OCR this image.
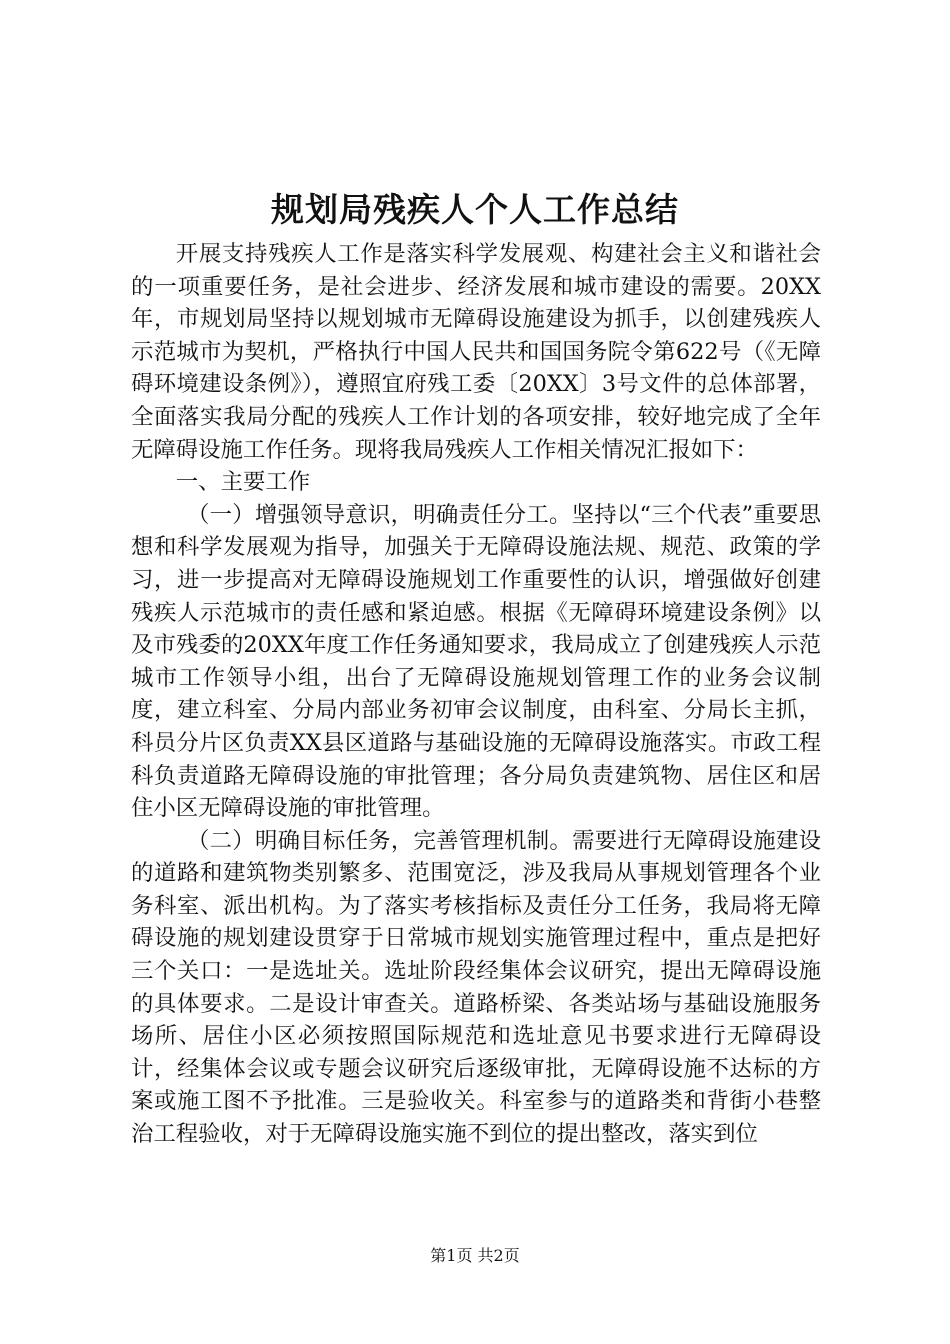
规划局残疾人个人工作总结

开展支持残疾人工作是落实科学发展观、构建社会主义和谐社会的一项重要任务，是社会进步、经济发展和城市建设的需要。20XX年，市规划局坚持以规划城市无障碍设施建设为抓手，以创建残疾人示范城市为契机，严格执行中国人民共和国国务院令第622号（《无障碍环境建设条例》），遵照宜府残工委〔20XX〕3号文件的总体部署，全面落实我局分配的残疾人工作计划的各项安排，较好地完成了全年无障碍设施工作任务。现将我局残疾人工作相关情况汇报如下：

一、主要工作

（一）增强领导意识，明确责任分工。坚持以“三个代表”重要思想和科学发展观为指导，加强关于无障碍设施法规、规范、政策的学习，进一步提高对无障碍设施规划工作重要性的认识，增强做好创建残疾人示范城市的责任感和紧迫感。根据《无障碍环境建设条例》以及市残委的20XX年度工作任务通知要求，我局成立了创建残疾人示范城市工作领导小组，出台了无障碍设施规划管理工作的业务会议制度，建立科室、分局内部业务初审会议制度，由科室、分局长主抓，科员分片区负责XX县区道路与基础设施的无障碍设施落实。市政工程科负责道路无障碍设施的审批管理；各分局负责建筑物、居住区和居住小区无障碍设施的审批管理。

（二）明确目标任务，完善管理机制。需要进行无障碍设施建设的道路和建筑物类别繁多、范围宽泛，涉及我局从事规划管理各个业务科室、派出机构。为了落实考核指标及责任分工任务，我局将无障碍设施的规划建设贯穿于日常城市规划实施管理过程中，重点是把好三个关口：一是选址关。选址阶段经集体会议研究，提出无障碍设施的具体要求。二是设计审查关。道路桥梁、各类站场与基础设施服务场所、居住小区必须按照国际规范和选址意见书要求进行无障碍设计，经集体会议或专题会议研究后逐级审批，无障碍设施不达标的方案或施工图不予批准。三是验收关。科室参与的道路类和背街小巷整治工程验收，对于无障碍设施实施不到位的提出整改，落实到位

第1页 共2页
